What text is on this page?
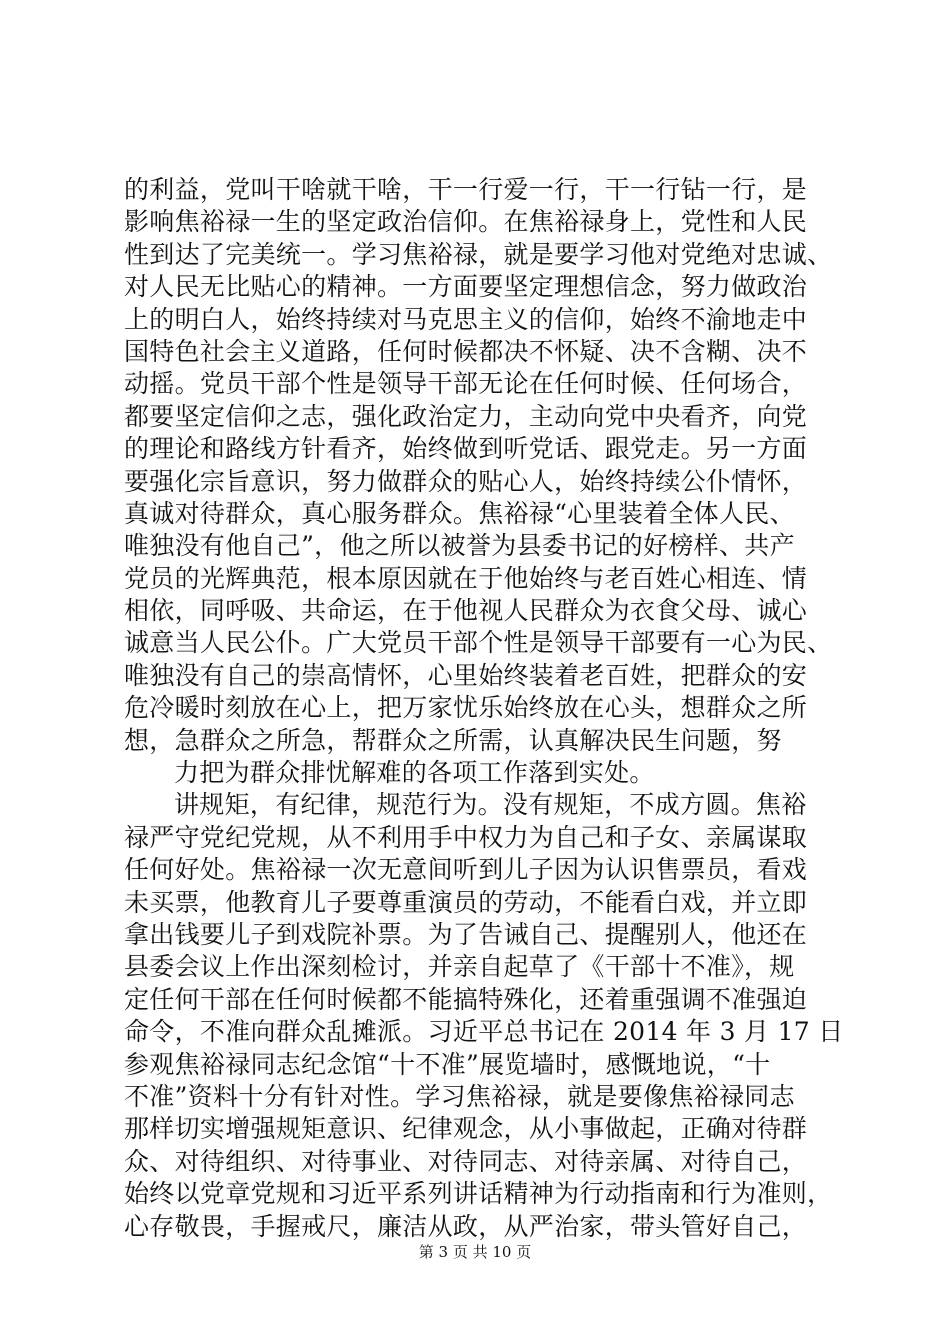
的利益，党叫干啥就干啥，干一行爱一行，干一行钻一行，是
影响焦裕禄一生的坚定政治信仰。在焦裕禄身上，党性和人民
性到达了完美统一。学习焦裕禄，就是要学习他对党绝对忠诚、
对人民无比贴心的精神。一方面要坚定理想信念，努力做政治
上的明白人，始终持续对马克思主义的信仰，始终不渝地走中
国特色社会主义道路，任何时候都决不怀疑、决不含糊、决不
动摇。党员干部个性是领导干部无论在任何时候、任何场合，
都要坚定信仰之志，强化政治定力，主动向党中央看齐，向党
的理论和路线方针看齐，始终做到听党话、跟党走。另一方面
要强化宗旨意识，努力做群众的贴心人，始终持续公仆情怀，
真诚对待群众，真心服务群众。焦裕禄“心里装着全体人民、
唯独没有他自己”，他之所以被誉为县委书记的好榜样、共产
党员的光辉典范，根本原因就在于他始终与老百姓心相连、情
相依，同呼吸、共命运，在于他视人民群众为衣食父母、诚心
诚意当人民公仆。广大党员干部个性是领导干部要有一心为民、
唯独没有自己的崇高情怀，心里始终装着老百姓，把群众的安
危冷暖时刻放在心上，把万家忧乐始终放在心头，想群众之所
想，急群众之所急，帮群众之所需，认真解决民生问题，努
力把为群众排忧解难的各项工作落到实处。
讲规矩，有纪律，规范行为。没有规矩，不成方圆。焦裕
禄严守党纪党规，从不利用手中权力为自己和子女、亲属谋取
任何好处。焦裕禄一次无意间听到儿子因为认识售票员，看戏
未买票，他教育儿子要尊重演员的劳动，不能看白戏，并立即
拿出钱要儿子到戏院补票。为了告诫自己、提醒别人，他还在
县委会议上作出深刻检讨，并亲自起草了《干部十不准》，规
定任何干部在任何时候都不能搞特殊化，还着重强调不准强迫
命令，不准向群众乱摊派。习近平总书记在 2014 年 3 月 17 日
参观焦裕禄同志纪念馆“十不准”展览墙时，感慨地说，“十
不准”资料十分有针对性。学习焦裕禄，就是要像焦裕禄同志
那样切实增强规矩意识、纪律观念，从小事做起，正确对待群
众、对待组织、对待事业、对待同志、对待亲属、对待自己，
始终以党章党规和习近平系列讲话精神为行动指南和行为准则，
心存敬畏，手握戒尺，廉洁从政，从严治家，带头管好自己，
第 3 页 共 10 页
